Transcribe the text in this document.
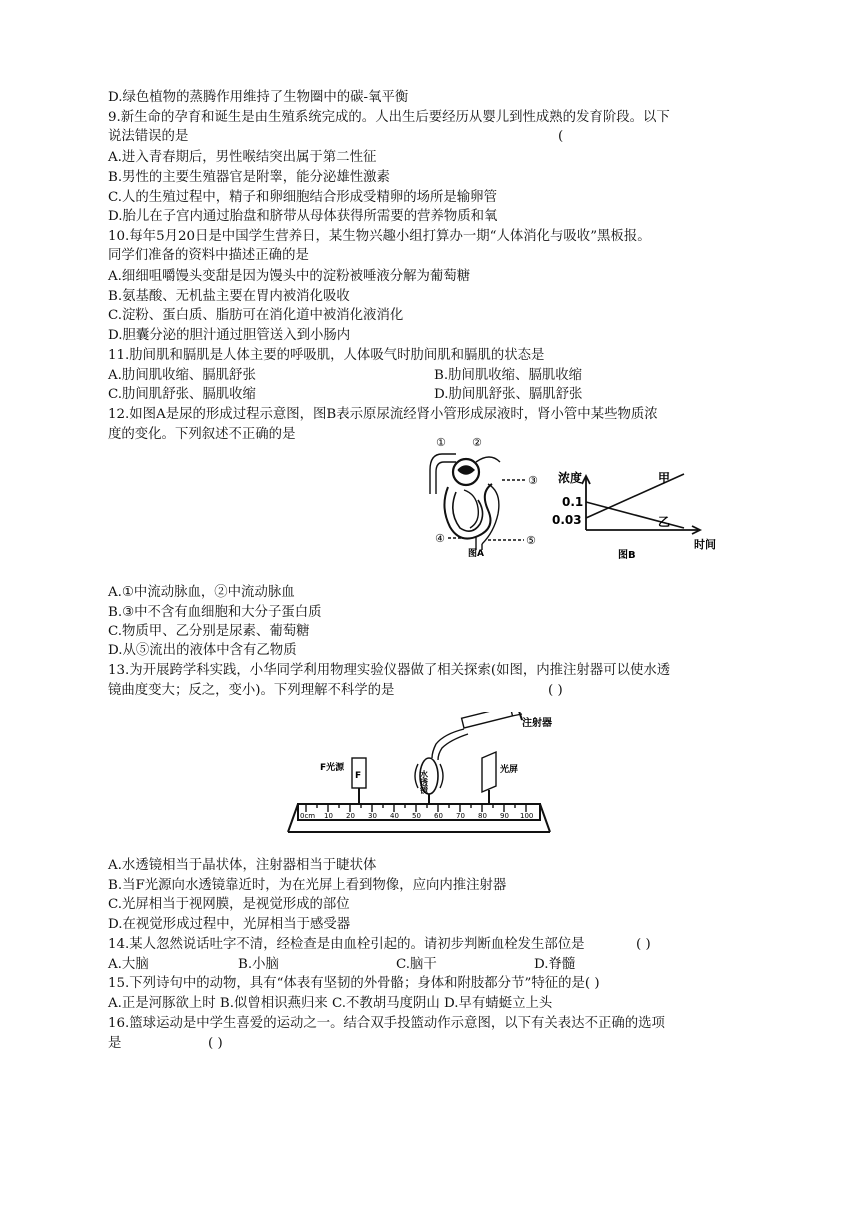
D.绿色植物的蒸腾作用维持了生物圈中的碳-氧平衡
9.新生命的孕育和诞生是由生殖系统完成的。人出生后要经历从婴儿到性成熟的发育阶段。以下
说法错误的是	(
A.进入青春期后，男性喉结突出属于第二性征
B.男性的主要生殖器官是附睾，能分泌雄性激素
C.人的生殖过程中，精子和卵细胞结合形成受精卵的场所是输卵管
D.胎儿在子宫内通过胎盘和脐带从母体获得所需要的营养物质和氧
10.每年5月20日是中国学生营养日，某生物兴趣小组打算办一期“人体消化与吸收”黑板报。
同学们准备的资料中描述正确的是
A.细细咀嚼馒头变甜是因为馒头中的淀粉被唾液分解为葡萄糖
B.氨基酸、无机盐主要在胃内被消化吸收
C.淀粉、蛋白质、脂肪可在消化道中被消化液消化
D.胆囊分泌的胆汁通过胆管送入到小肠内
11.肋间肌和膈肌是人体主要的呼吸肌，人体吸气时肋间肌和膈肌的状态是
A.肋间肌收缩、膈肌舒张	B.肋间肌收缩、膈肌收缩
C.肋间肌舒张、膈肌收缩	D.肋间肌舒张、膈肌舒张
12.如图A是尿的形成过程示意图，图B表示原尿流经肾小管形成尿液时，肾小管中某些物质浓
度的变化。下列叙述不正确的是
① ②
③
④	⑤
图A
浓度
0.1
0.03
甲
乙
时间
图B
A.①中流动脉血，②中流动脉血
B.③中不含有血细胞和大分子蛋白质
C.物质甲、乙分别是尿素、葡萄糖
D.从⑤流出的液体中含有乙物质
13.为开展跨学科实践，小华同学利用物理实验仪器做了相关探索(如图，内推注射器可以使水透
镜曲度变大；反之，变小)。下列理解不科学的是	( )
注射器
F光源
F	水透镜	光屏
0cm 10 20 30 40 50 60 70 80 90 100
A.水透镜相当于晶状体，注射器相当于睫状体
B.当F光源向水透镜靠近时，为在光屏上看到物像，应向内推注射器
C.光屏相当于视网膜，是视觉形成的部位
D.在视觉形成过程中，光屏相当于感受器
14.某人忽然说话吐字不清，经检查是由血栓引起的。请初步判断血栓发生部位是	( )
A.大脑	B.小脑	C.脑干	D.脊髓
15.下列诗句中的动物，具有“体表有坚韧的外骨骼；身体和附肢都分节”特征的是( )
A.正是河豚欲上时 B.似曾相识燕归来 C.不教胡马度阴山 D.早有蜻蜓立上头
16.篮球运动是中学生喜爱的运动之一。结合双手投篮动作示意图，以下有关表达不正确的选项
是	( )
